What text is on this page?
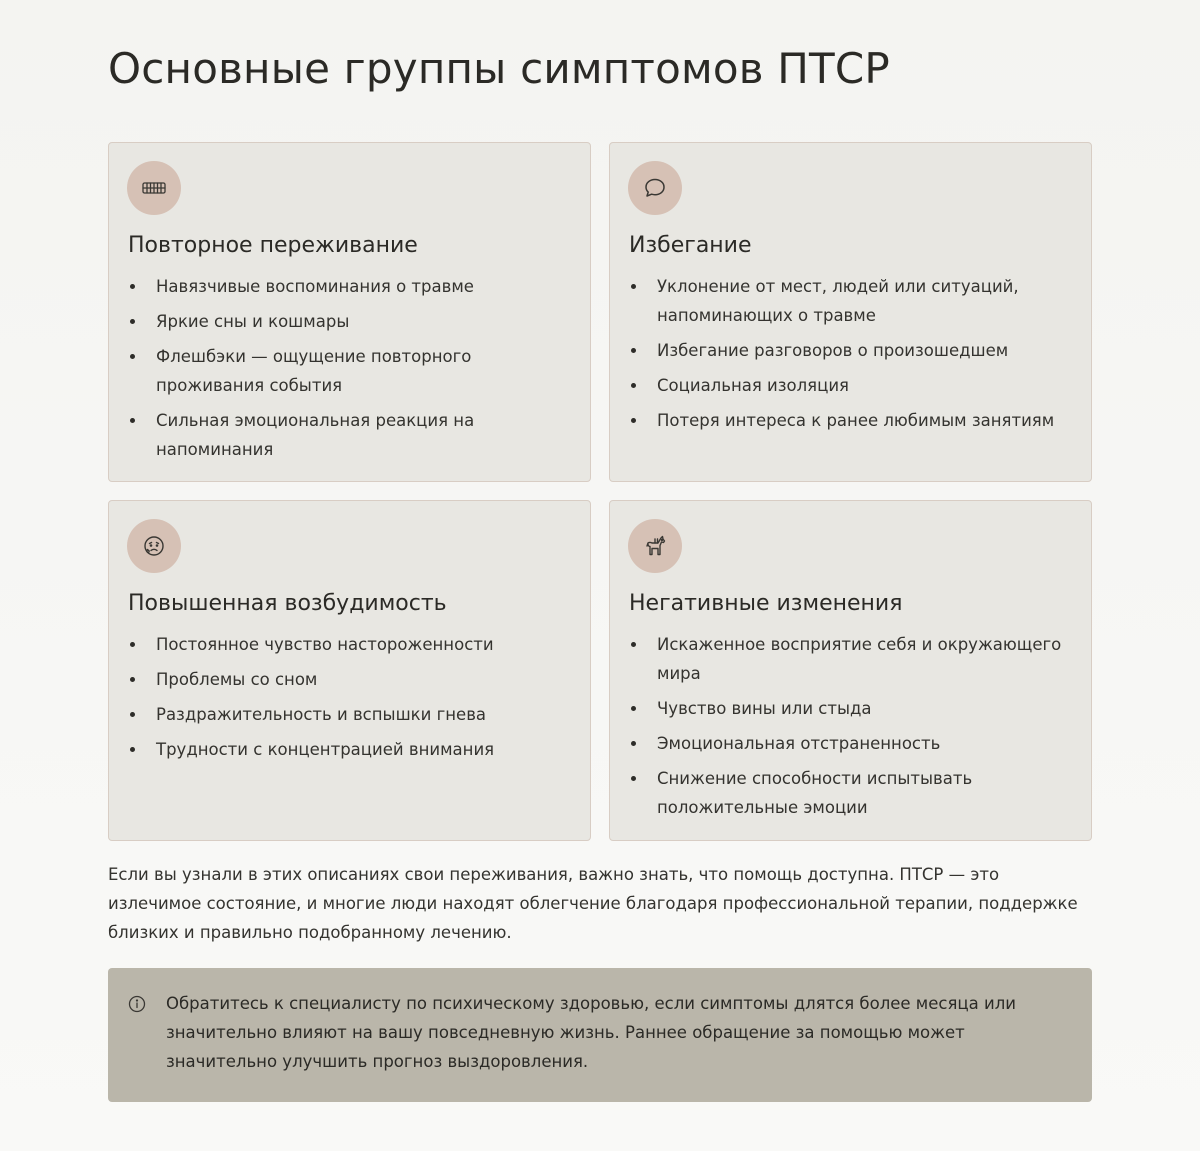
Основные группы симптомов ПТСР
Повторное переживание
Навязчивые воспоминания о травме
Яркие сны и кошмары
Флешбэки — ощущение повторного проживания события
Сильная эмоциональная реакция на напоминания
Избегание
Уклонение от мест, людей или ситуаций, напоминающих о травме
Избегание разговоров о произошедшем
Социальная изоляция
Потеря интереса к ранее любимым занятиям
Повышенная возбудимость
Постоянное чувство настороженности
Проблемы со сном
Раздражительность и вспышки гнева
Трудности с концентрацией внимания
Негативные изменения
Искаженное восприятие себя и окружающего мира
Чувство вины или стыда
Эмоциональная отстраненность
Снижение способности испытывать положительные эмоции

Если вы узнали в этих описаниях свои переживания, важно знать, что помощь доступна. ПТСР — это излечимое состояние, и многие люди находят облегчение благодаря профессиональной терапии, поддержке близких и правильно подобранному лечению.

Обратитесь к специалисту по психическому здоровью, если симптомы длятся более месяца или значительно влияют на вашу повседневную жизнь. Раннее обращение за помощью может значительно улучшить прогноз выздоровления.
